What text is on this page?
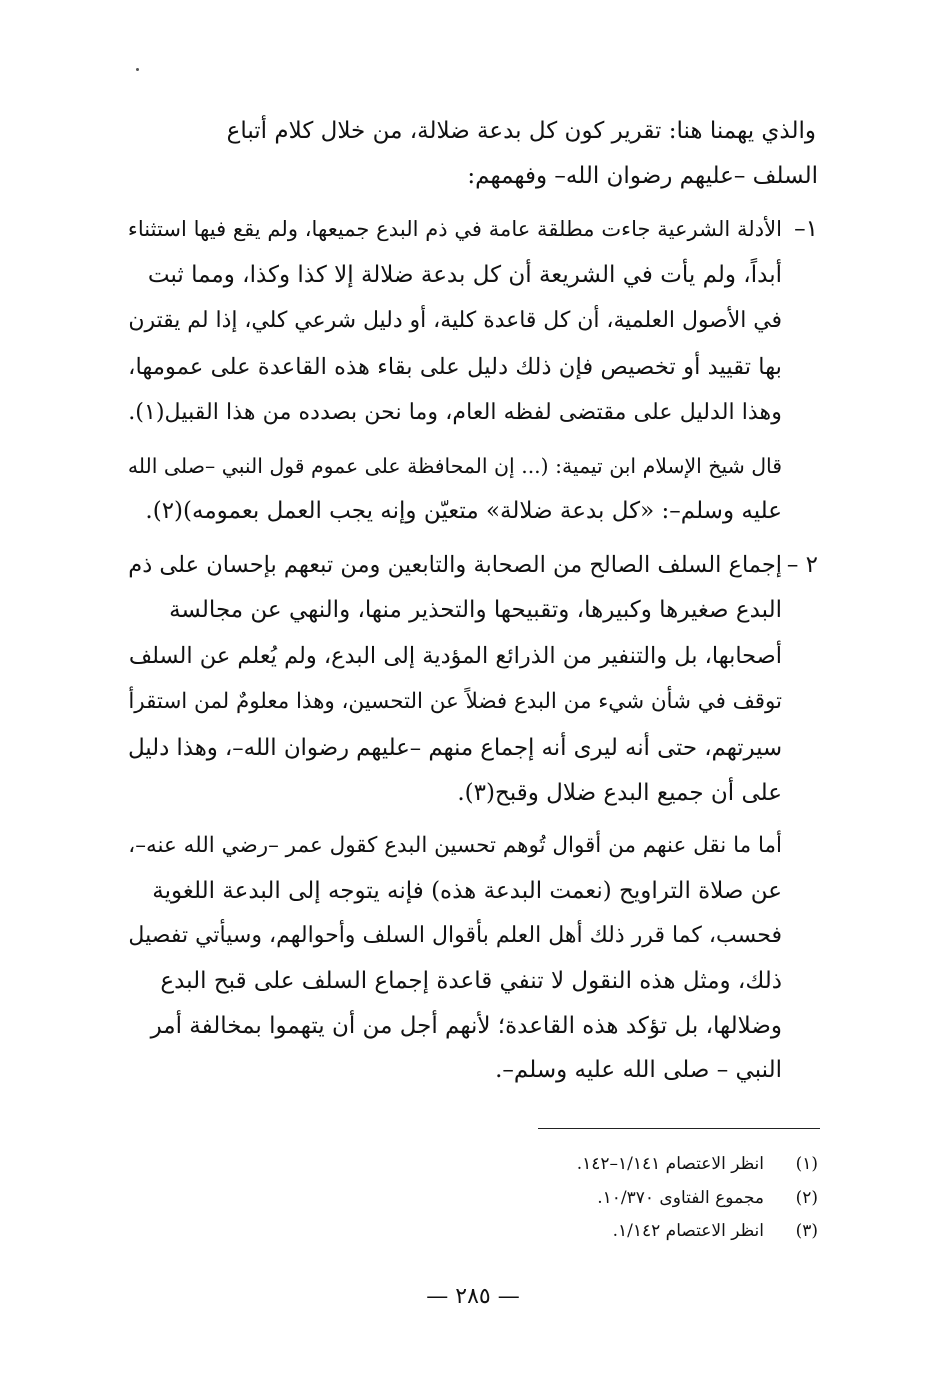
والذي يهمنا هنا: تقرير كون كل بدعة ضلالة، من خلال كلام أتباع
السلف –عليهم رضوان الله– وفهمهم:
١–
الأدلة الشرعية جاءت مطلقة عامة في ذم البدع جميعها، ولم يقع فيها استثناء
أبداً، ولم يأت في الشريعة أن كل بدعة ضلالة إلا كذا وكذا، ومما ثبت
في الأصول العلمية، أن كل قاعدة كلية، أو دليل شرعي كلي، إذا لم يقترن
بها تقييد أو تخصيص فإن ذلك دليل على بقاء هذه القاعدة على عمومها،
وهذا الدليل على مقتضى لفظه العام، وما نحن بصدده من هذا القبيل(١).
قال شيخ الإسلام ابن تيمية: (... إن المحافظة على عموم قول النبي –صلى الله
عليه وسلم–: «كل بدعة ضلالة» متعيّن وإنه يجب العمل بعمومه)(٢).
٢ –
إجماع السلف الصالح من الصحابة والتابعين ومن تبعهم بإحسان على ذم
البدع صغيرها وكبيرها، وتقبيحها والتحذير منها، والنهي عن مجالسة
أصحابها، بل والتنفير من الذرائع المؤدية إلى البدع، ولم يُعلم عن السلف
توقف في شأن شيء من البدع فضلاً عن التحسين، وهذا معلومٌ لمن استقرأ
سيرتهم، حتى أنه ليرى أنه إجماع منهم –عليهم رضوان الله–، وهذا دليل
على أن جميع البدع ضلال وقبح(٣).
أما ما نقل عنهم من أقوال تُوهم تحسين البدع كقول عمر –رضي الله عنه–،
عن صلاة التراويح (نعمت البدعة هذه) فإنه يتوجه إلى البدعة اللغوية
فحسب، كما قرر ذلك أهل العلم بأقوال السلف وأحوالهم، وسيأتي تفصيل
ذلك، ومثل هذه النقول لا تنفي قاعدة إجماع السلف على قبح البدع
وضلالها، بل تؤكد هذه القاعدة؛ لأنهم أجل من أن يتهموا بمخالفة أمر
النبي – صلى الله عليه وسلم–.
(١)
انظر الاعتصام ١/١٤١–١٤٢.
(٢)
مجموع الفتاوى ١٠/٣٧٠.
(٣)
انظر الاعتصام ١/١٤٢.
— ٢٨٥ —
